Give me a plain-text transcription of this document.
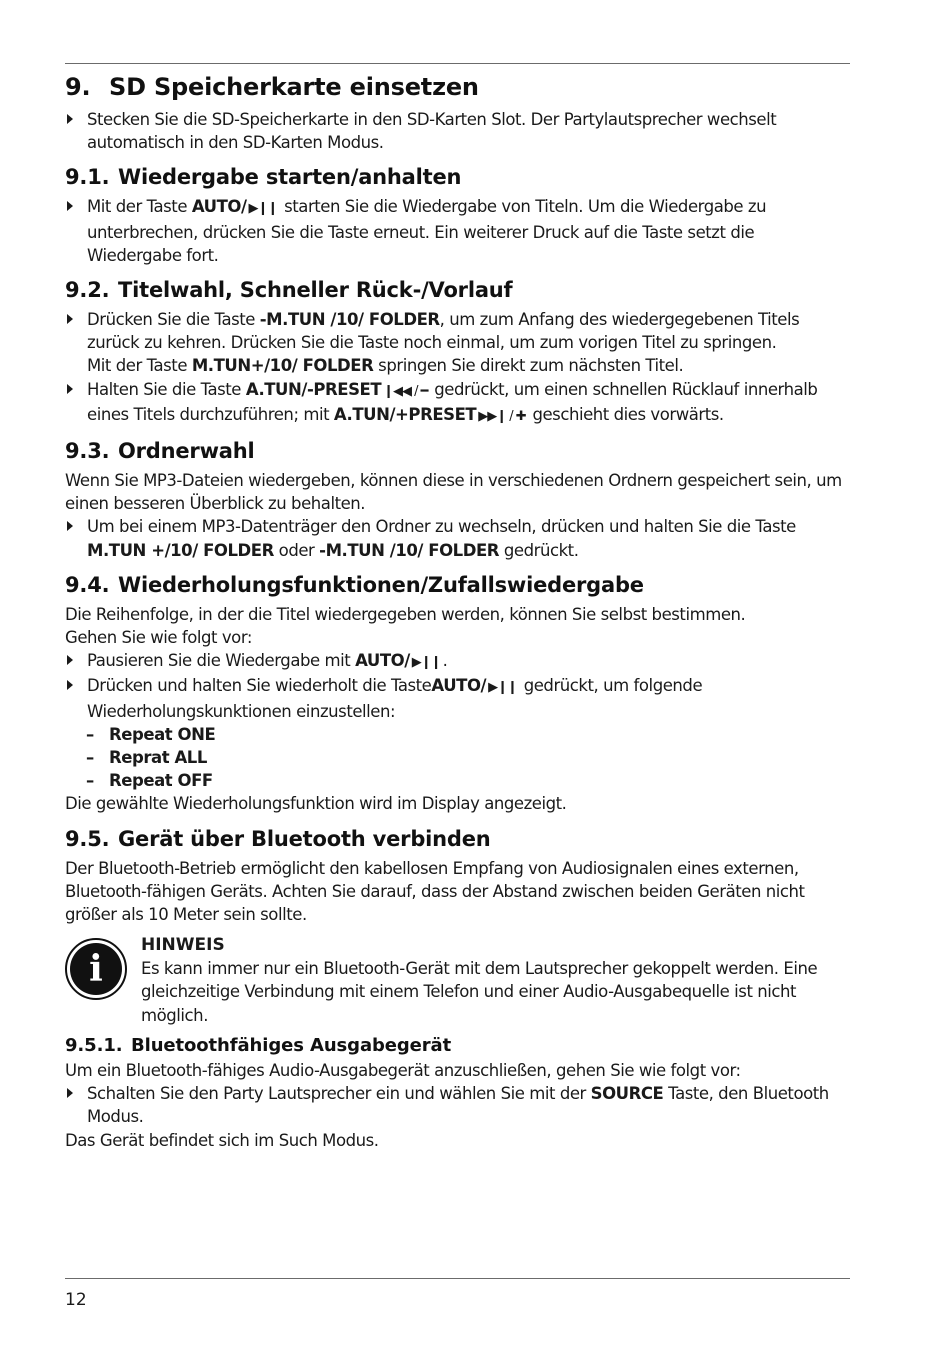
9. SD Speicherkarte einsetzen

Stecken Sie die SD-Speicherkarte in den SD-Karten Slot. Der Partylautsprecher wechselt automatisch in den SD-Karten Modus.

9.1. Wiedergabe starten/anhalten

Mit der Taste AUTO/ ▶❙❙ starten Sie die Wiedergabe von Titeln. Um die Wiedergabe zu unterbrechen, drücken Sie die Taste erneut. Ein weiterer Druck auf die Taste setzt die Wiedergabe fort.

9.2. Titelwahl, Schneller Rück-/Vorlauf

Drücken Sie die Taste -M.TUN /10/ FOLDER, um zum Anfang des wiedergegebenen Titels zurück zu kehren. Drücken Sie die Taste noch einmal, um zum vorigen Titel zu springen.
Mit der Taste M.TUN+/10/ FOLDER springen Sie direkt zum nächsten Titel.

Halten Sie die Taste A.TUN/-PRESET ❙◀◀ / ━ gedrückt, um einen schnellen Rücklauf innerhalb eines Titels durchzuführen; mit A.TUN/+PRESET ▶▶❙ / ✚ geschieht dies vorwärts.

9.3. Ordnerwahl

Wenn Sie MP3-Dateien wiedergeben, können diese in verschiedenen Ordnern gespeichert sein, um einen besseren Überblick zu behalten.

Um bei einem MP3-Datenträger den Ordner zu wechseln, drücken und halten Sie die Taste M.TUN +/10/ FOLDER oder -M.TUN /10/ FOLDER gedrückt.

9.4. Wiederholungsfunktionen/Zufallswiedergabe

Die Reihenfolge, in der die Titel wiedergegeben werden, können Sie selbst bestimmen.

Gehen Sie wie folgt vor:

Pausieren Sie die Wiedergabe mit AUTO/ ▶❙❙ .

Drücken und halten Sie wiederholt die TasteAUTO/ ▶❙❙ gedrückt, um folgende Wiederholungskunktionen einzustellen:

– Repeat ONE

– Reprat ALL

– Repeat OFF

Die gewählte Wiederholungsfunktion wird im Display angezeigt.

9.5. Gerät über Bluetooth verbinden

Der Bluetooth-Betrieb ermöglicht den kabellosen Empfang von Audiosignalen eines externen, Bluetooth-fähigen Geräts. Achten Sie darauf, dass der Abstand zwischen beiden Geräten nicht größer als 10 Meter sein sollte.

i

HINWEIS

Es kann immer nur ein Bluetooth-Gerät mit dem Lautsprecher gekoppelt werden. Eine gleichzeitige Verbindung mit einem Telefon und einer Audio-Ausgabequelle ist nicht möglich.

9.5.1. Bluetoothfähiges Ausgabegerät

Um ein Bluetooth-fähiges Audio-Ausgabegerät anzuschließen, gehen Sie wie folgt vor:

Schalten Sie den Party Lautsprecher ein und wählen Sie mit der SOURCE Taste, den Bluetooth Modus.

Das Gerät befindet sich im Such Modus.

12
